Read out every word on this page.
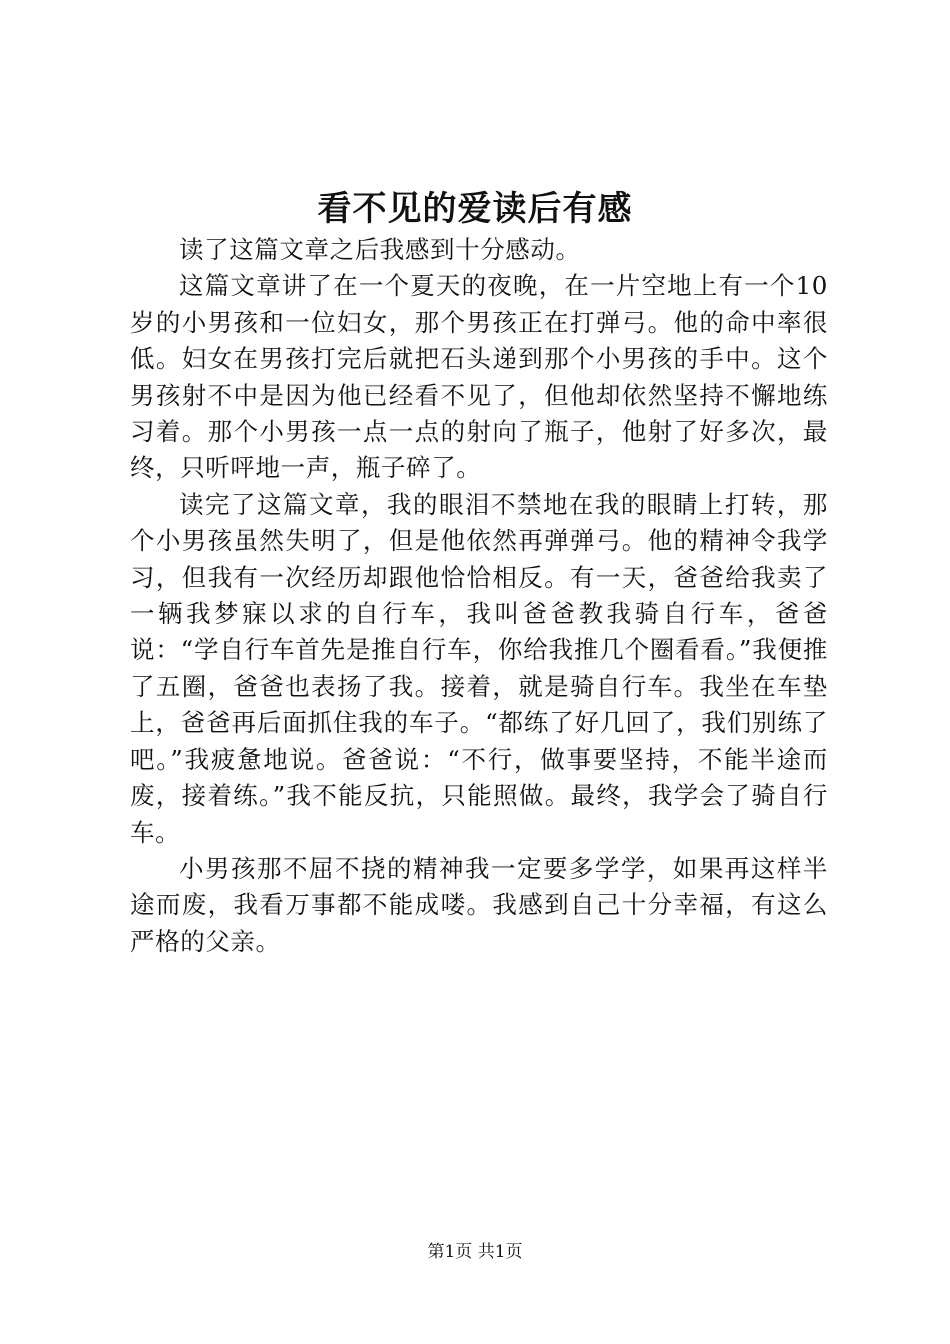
看不见的爱读后有感

读了这篇文章之后我感到十分感动。

这篇文章讲了在一个夏天的夜晚，在一片空地上有一个10岁的小男孩和一位妇女，那个男孩正在打弹弓。他的命中率很低。妇女在男孩打完后就把石头递到那个小男孩的手中。这个男孩射不中是因为他已经看不见了，但他却依然坚持不懈地练习着。那个小男孩一点一点的射向了瓶子，他射了好多次，最终，只听呯地一声，瓶子碎了。

读完了这篇文章，我的眼泪不禁地在我的眼睛上打转，那个小男孩虽然失明了，但是他依然再弹弹弓。他的精神令我学习，但我有一次经历却跟他恰恰相反。有一天，爸爸给我卖了一辆我梦寐以求的自行车，我叫爸爸教我骑自行车，爸爸说：“学自行车首先是推自行车，你给我推几个圈看看。”我便推了五圈，爸爸也表扬了我。接着，就是骑自行车。我坐在车垫上，爸爸再后面抓住我的车子。“都练了好几回了，我们别练了吧。”我疲惫地说。爸爸说：“不行，做事要坚持，不能半途而废，接着练。”我不能反抗，只能照做。最终，我学会了骑自行车。

小男孩那不屈不挠的精神我一定要多学学，如果再这样半途而废，我看万事都不能成喽。我感到自己十分幸福，有这么严格的父亲。

第1页 共1页
